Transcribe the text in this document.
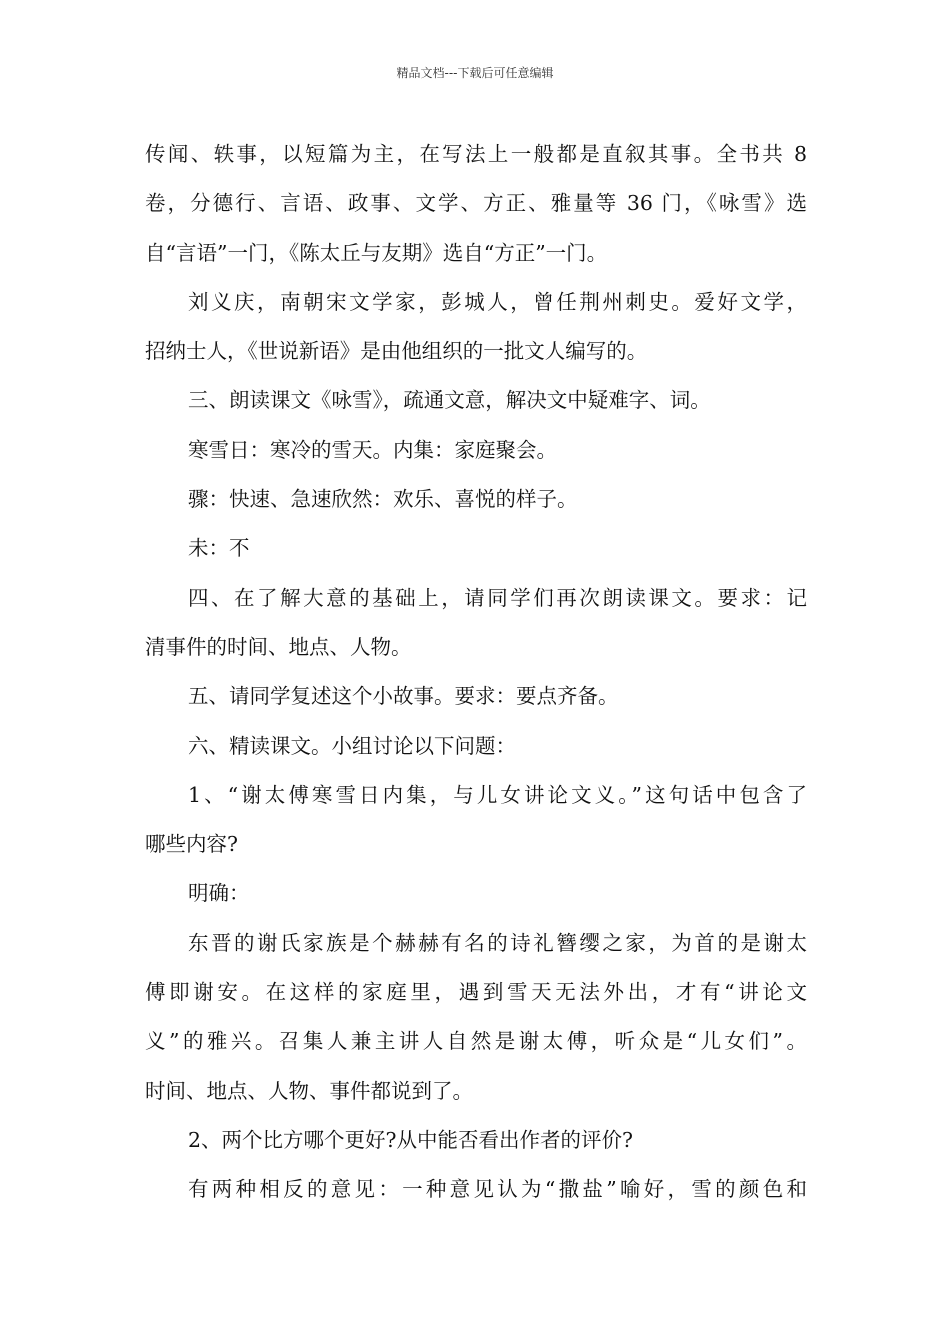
精品文档---下载后可任意编辑
传闻、轶事，以短篇为主，在写法上一般都是直叙其事。全书共 8
卷，分德行、言语、政事、文学、方正、雅量等 36 门，《咏雪》选
自“言语”一门，《陈太丘与友期》选自“方正”一门。
刘义庆，南朝宋文学家，彭城人，曾任荆州刺史。爱好文学，
招纳士人，《世说新语》是由他组织的一批文人编写的。
三、朗读课文《咏雪》，疏通文意，解决文中疑难字、词。
寒雪日：寒冷的雪天。内集：家庭聚会。
骤：快速、急速欣然：欢乐、喜悦的样子。
未：不
四、在了解大意的基础上，请同学们再次朗读课文。要求：记
清事件的时间、地点、人物。
五、请同学复述这个小故事。要求：要点齐备。
六、精读课文。小组讨论以下问题：
1、“谢太傅寒雪日内集，与儿女讲论文义。”这句话中包含了
哪些内容?
明确：
东晋的谢氏家族是个赫赫有名的诗礼簪缨之家，为首的是谢太
傅即谢安。在这样的家庭里，遇到雪天无法外出，才有“讲论文
义”的雅兴。召集人兼主讲人自然是谢太傅，听众是“儿女们”。
时间、地点、人物、事件都说到了。
2、两个比方哪个更好?从中能否看出作者的评价?
有两种相反的意见：一种意见认为“撒盐”喻好，雪的颜色和
